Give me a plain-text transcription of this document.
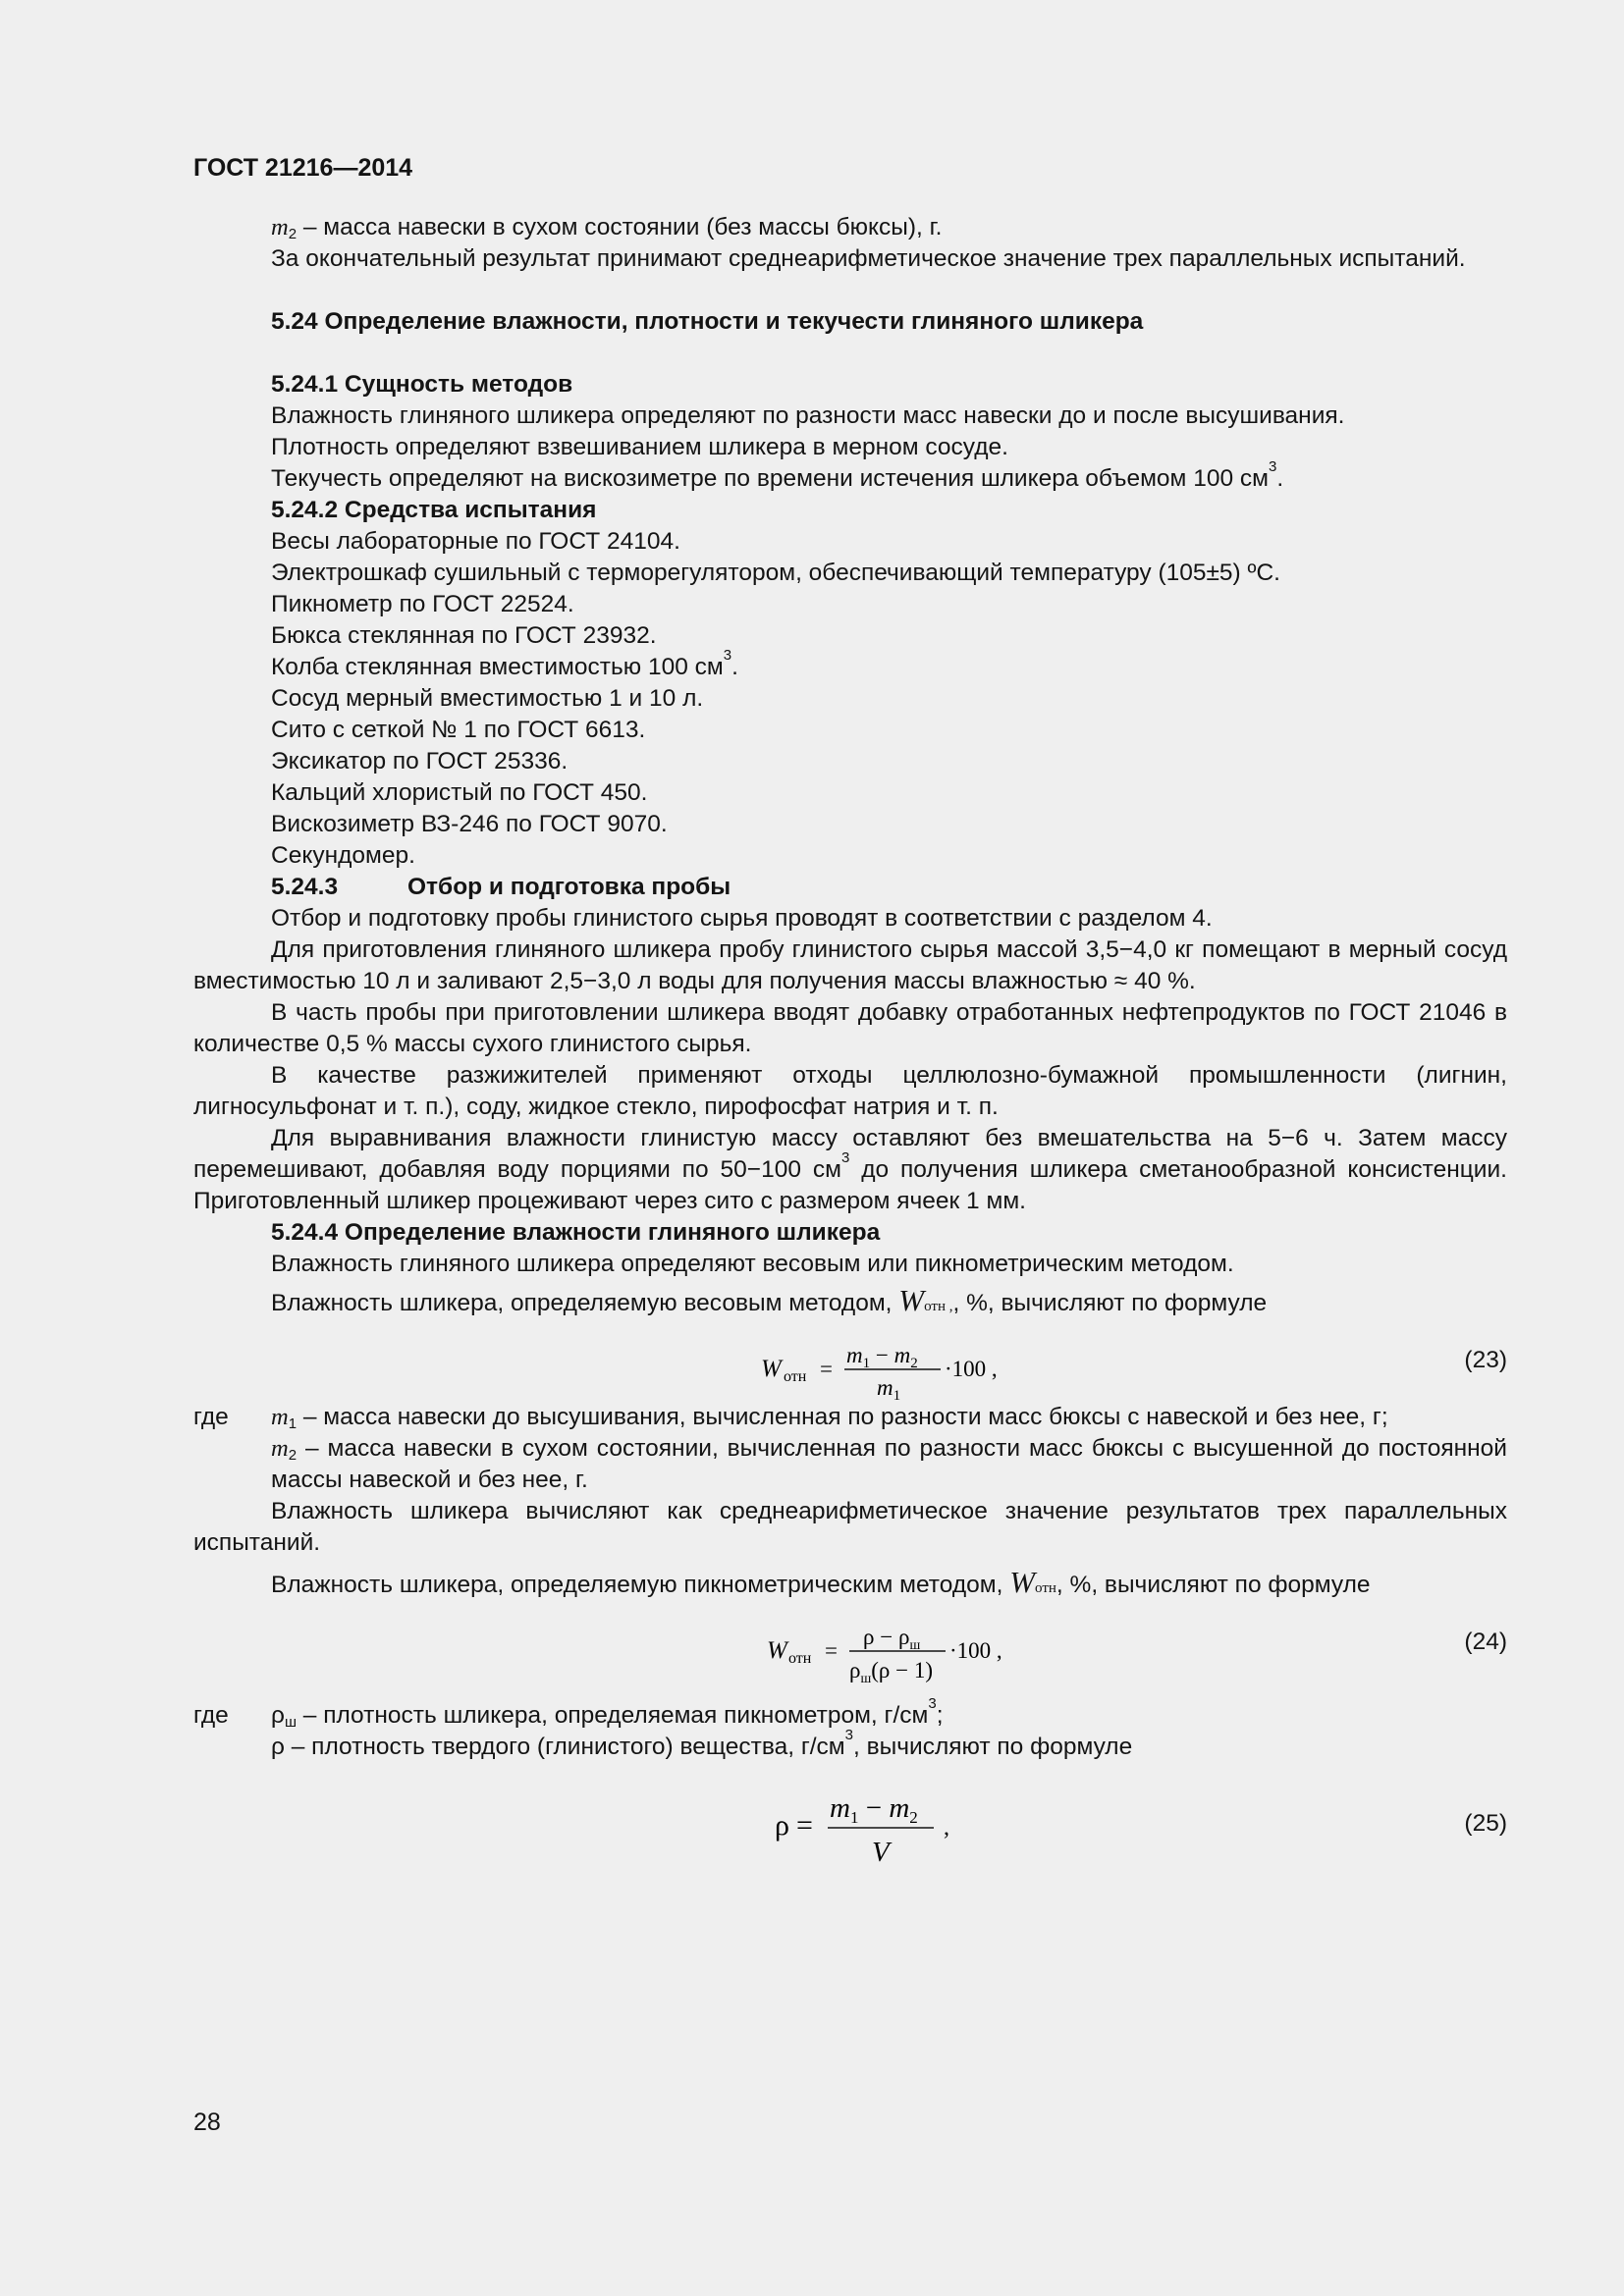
ГОСТ 21216—2014

$m_2$ – масса навески в сухом состоянии (без массы бюксы), г.

За окончательный результат принимают среднеарифметическое значение трех параллельных испытаний.

5.24 Определение влажности, плотности и текучести глиняного шликера

5.24.1 Сущность методов

Влажность глиняного шликера определяют по разности масс навески до и после высушивания.

Плотность определяют взвешиванием шликера в мерном сосуде.

Текучесть определяют на вискозиметре по времени истечения шликера объемом 100 $см^3$.

5.24.2 Средства испытания

Весы лабораторные по ГОСТ 24104.

Электрошкаф сушильный с терморегулятором, обеспечивающий температуру (105±5) ºС.

Пикнометр по ГОСТ 22524.

Бюкса стеклянная по ГОСТ 23932.

Колба стеклянная вместимостью 100 $см^3$.

Сосуд мерный вместимостью 1 и 10 л.

Сито с сеткой № 1 по ГОСТ 6613.

Эксикатор по ГОСТ 25336.

Кальций хлористый по ГОСТ 450.

Вискозиметр ВЗ-246 по ГОСТ 9070.

Секундомер.

5.24.3	Отбор и подготовка пробы

Отбор и подготовку пробы глинистого сырья проводят в соответствии с разделом 4.

Для приготовления глиняного шликера пробу глинистого сырья массой 3,5−4,0 кг помещают в мерный сосуд вместимостью 10 л и заливают 2,5−3,0 л воды для получения массы влажностью ≈ 40 %.

В часть пробы при приготовлении шликера вводят добавку отработанных нефтепродуктов по ГОСТ 21046 в количестве 0,5 % массы сухого глинистого сырья.

В качестве разжижителей применяют отходы целлюлозно-бумажной промышленности (лигнин, лигносульфонат и т. п.), соду, жидкое стекло, пирофосфат натрия и т. п.

Для выравнивания влажности глинистую массу оставляют без вмешательства на 5−6 ч. Затем массу перемешивают, добавляя воду порциями по 50−100 $см^3$ до получения шликера сметанообразной консистенции. Приготовленный шликер процеживают через сито с размером ячеек 1 мм.

5.24.4 Определение влажности глиняного шликера

Влажность глиняного шликера определяют весовым или пикнометрическим методом.

Влажность шликера, определяемую весовым методом, Wотн ,, %, вычисляют по формуле

W отн =
$m_1 - m_2$
$m_1$
·100 ,	(23)
где	$m_1$ – масса навески до высушивания, вычисленная по разности масс бюксы с навеской и без нее, г;

$m_2$ – масса навески в сухом состоянии, вычисленная по разности масс бюксы с высушенной до постоянной массы навеской и без нее, г.

Влажность шликера вычисляют как среднеарифметическое значение результатов трех параллельных испытаний.

Влажность шликера, определяемую пикнометрическим методом, Wотн, %, вычисляют по формуле

W отн =
$\rho - \rho_ш$
$\rho_ш(\rho - 1)$
·100 ,	(24)
где	$\rho_ш$ – плотность шликера, определяемая пикнометром, $г/см^3$;

ρ – плотность твердого (глинистого) вещества, $г/см^3$, вычисляют по формуле

ρ =
$m_1 - m_2$
V
,	(25)
28
